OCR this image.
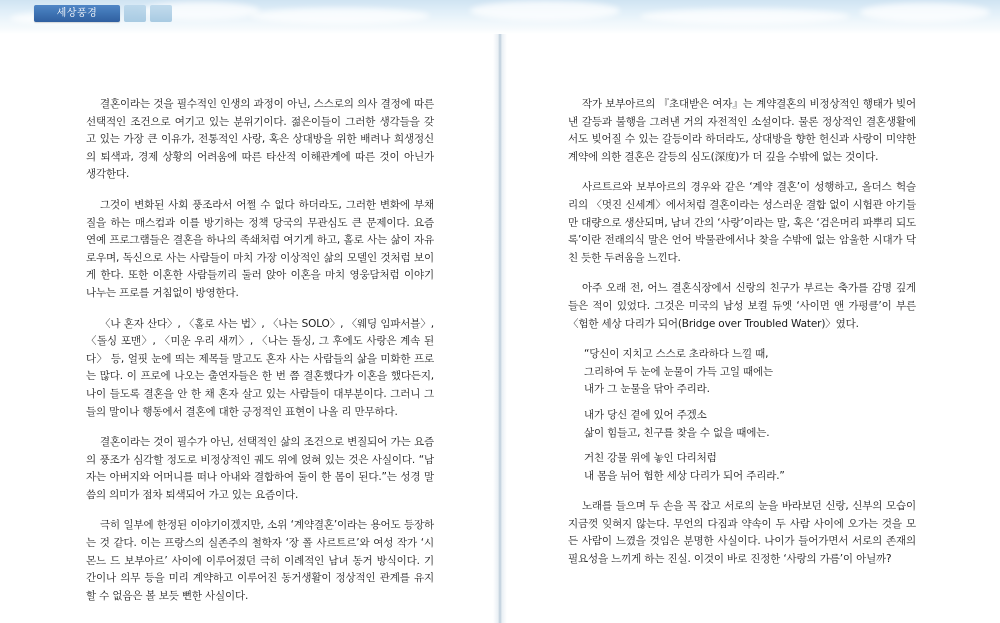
세상풍경

결혼이라는 것을 필수적인 인생의 과정이 아닌, 스스로의 의사 결정에 따른 선택적인 조건으로 여기고 있는 분위기이다. 젊은이들이 그러한 생각들을 갖고 있는 가장 큰 이유가, 전통적인 사랑, 혹은 상대방을 위한 배려나 희생정신의 퇴색과, 경제 상황의 어려움에 따른 타산적 이해관계에 따른 것이 아닌가 생각한다.

그것이 변화된 사회 풍조라서 어쩔 수 없다 하더라도, 그러한 변화에 부채질을 하는 매스컴과 이를 방기하는 정책 당국의 무관심도 큰 문제이다. 요즘 연예 프로그램들은 결혼을 하나의 족쇄처럼 여기게 하고, 홀로 사는 삶이 자유로우며, 독신으로 사는 사람들이 마치 가장 이상적인 삶의 모델인 것처럼 보이게 한다. 또한 이혼한 사람들끼리 둘러 앉아 이혼을 마치 영웅담처럼 이야기 나누는 프로를 거침없이 방영한다.

〈나 혼자 산다〉, 〈홀로 사는 법〉, 〈나는 SOLO〉, 〈웨딩 임파서블〉, 〈돌싱 포맨〉, 〈미운 우리 새끼〉, 〈나는 돌싱, 그 후에도 사랑은 계속 된다〉 등, 얼핏 눈에 띄는 제목들 말고도 혼자 사는 사람들의 삶을 미화한 프로는 많다. 이 프로에 나오는 출연자들은 한 번 쯤 결혼했다가 이혼을 했다든지, 나이 들도록 결혼을 안 한 채 혼자 살고 있는 사람들이 대부분이다. 그러니 그들의 말이나 행동에서 결혼에 대한 긍정적인 표현이 나올 리 만무하다.

결혼이라는 것이 필수가 아닌, 선택적인 삶의 조건으로 변질되어 가는 요즘의 풍조가 심각할 정도로 비정상적인 궤도 위에 얹혀 있는 것은 사실이다. “남자는 아버지와 어머니를 떠나 아내와 결합하여 둘이 한 몸이 된다.”는 성경 말씀의 의미가 점차 퇴색되어 가고 있는 요즘이다.

극히 일부에 한정된 이야기이겠지만, 소위 ‘계약결혼’이라는 용어도 등장하는 것 같다. 이는 프랑스의 실존주의 철학자 ‘장 폴 사르트르’와 여성 작가 ‘시몬느 드 보부아르’ 사이에 이루어졌던 극히 이례적인 남녀 동거 방식이다. 기간이나 의무 등을 미리 계약하고 이루어진 동거생활이 정상적인 관계를 유지할 수 없음은 볼 보듯 뻔한 사실이다.

작가 보부아르의 『초대받은 여자』는 계약결혼의 비정상적인 행태가 빚어낸 갈등과 불행을 그려낸 거의 자전적인 소설이다. 물론 정상적인 결혼생활에서도 빚어질 수 있는 갈등이라 하더라도, 상대방을 향한 헌신과 사랑이 미약한 계약에 의한 결혼은 갈등의 심도(深度)가 더 깊을 수밖에 없는 것이다.

사르트르와 보부아르의 경우와 같은 ‘계약 결혼’이 성행하고, 올더스 헉슬리의 〈멋진 신세계〉에서처럼 결혼이라는 성스러운 결합 없이 시험관 아기들만 대량으로 생산되며, 남녀 간의 ‘사랑’이라는 말, 혹은 ‘검은머리 파뿌리 되도록’이란 전래의식 말은 언어 박물관에서나 찾을 수밖에 없는 암울한 시대가 닥친 듯한 두려움을 느낀다.

아주 오래 전, 어느 결혼식장에서 신랑의 친구가 부르는 축가를 감명 깊게 들은 적이 있었다. 그것은 미국의 남성 보컬 듀엣 ‘사이먼 앤 가펑클’이 부른 〈험한 세상 다리가 되어(Bridge over Troubled Water)〉였다.

“당신이 지치고 스스로 초라하다 느낄 때,
그리하여 두 눈에 눈물이 가득 고일 때에는
내가 그 눈물을 닦아 주리라.
내가 당신 곁에 있어 주겠소
삶이 힘들고, 친구를 찾을 수 없을 때에는.
거친 강물 위에 놓인 다리처럼
내 몸을 뉘어 험한 세상 다리가 되어 주리라.”

노래를 들으며 두 손을 꼭 잡고 서로의 눈을 바라보던 신랑, 신부의 모습이 지금껏 잊혀지 않는다. 무언의 다짐과 약속이 두 사람 사이에 오가는 것을 모든 사람이 느꼈을 것임은 분명한 사실이다. 나이가 들어가면서 서로의 존재의 필요성을 느끼게 하는 진실. 이것이 바로 진정한 ‘사랑의 가름’이 아닐까?
